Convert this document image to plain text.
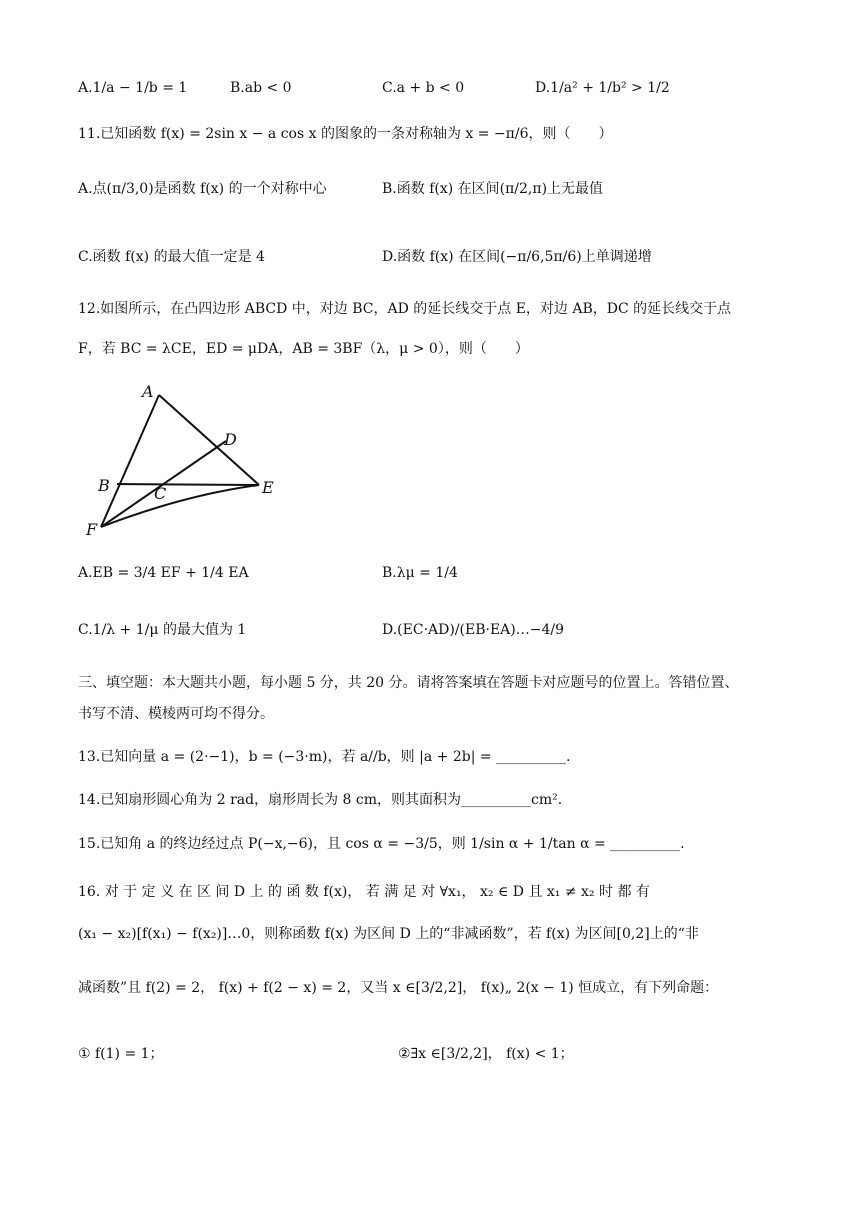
A.1/a − 1/b = 1	B.ab < 0	C.a + b < 0	D.1/a² + 1/b² > 1/2
11.已知函数 f(x) = 2sin x − a cos x 的图象的一条对称轴为 x = −π/6，则（　　）
A.点(π/3,0)是函数 f(x) 的一个对称中心	B.函数 f(x) 在区间(π/2,π)上无最值
C.函数 f(x) 的最大值一定是 4	D.函数 f(x) 在区间(−π/6,5π/6)上单调递增
12.如图所示，在凸四边形 ABCD 中，对边 BC，AD 的延长线交于点 E，对边 AB，DC 的延长线交于点
F，若 BC = λCE，ED = μDA，AB = 3BF（λ，μ > 0），则（　　）
A
D
B	C	E
F
A.EB = 3/4 EF + 1/4 EA	B.λμ = 1/4
C.1/λ + 1/μ 的最大值为 1	D.(EC·AD)/(EB·EA)…−4/9
三、填空题：本大题共小题，每小题 5 分，共 20 分。请将答案填在答题卡对应题号的位置上。答错位置、
书写不清、模棱两可均不得分。
13.已知向量 a = (2·−1)，b = (−3·m)，若 a//b，则 |a + 2b| = __________.
14.已知扇形圆心角为 2 rad，扇形周长为 8 cm，则其面积为__________cm².
15.已知角 a 的终边经过点 P(−x,−6)，且 cos α = −3/5，则 1/sin α + 1/tan α = __________.
16. 对 于 定 义 在 区 间 D 上 的 函 数 f(x)， 若 满 足 对 ∀x₁， x₂ ∈ D 且 x₁ ≠ x₂ 时 都 有
(x₁ − x₂)[f(x₁) − f(x₂)]…0，则称函数 f(x) 为区间 D 上的“非减函数”，若 f(x) 为区间[0,2]上的“非
减函数”且 f(2) = 2， f(x) + f(2 − x) = 2，又当 x ∈[3/2,2]， f(x)„ 2(x − 1) 恒成立，有下列命题：
① f(1) = 1；	②∃x ∈[3/2,2]， f(x) < 1；
